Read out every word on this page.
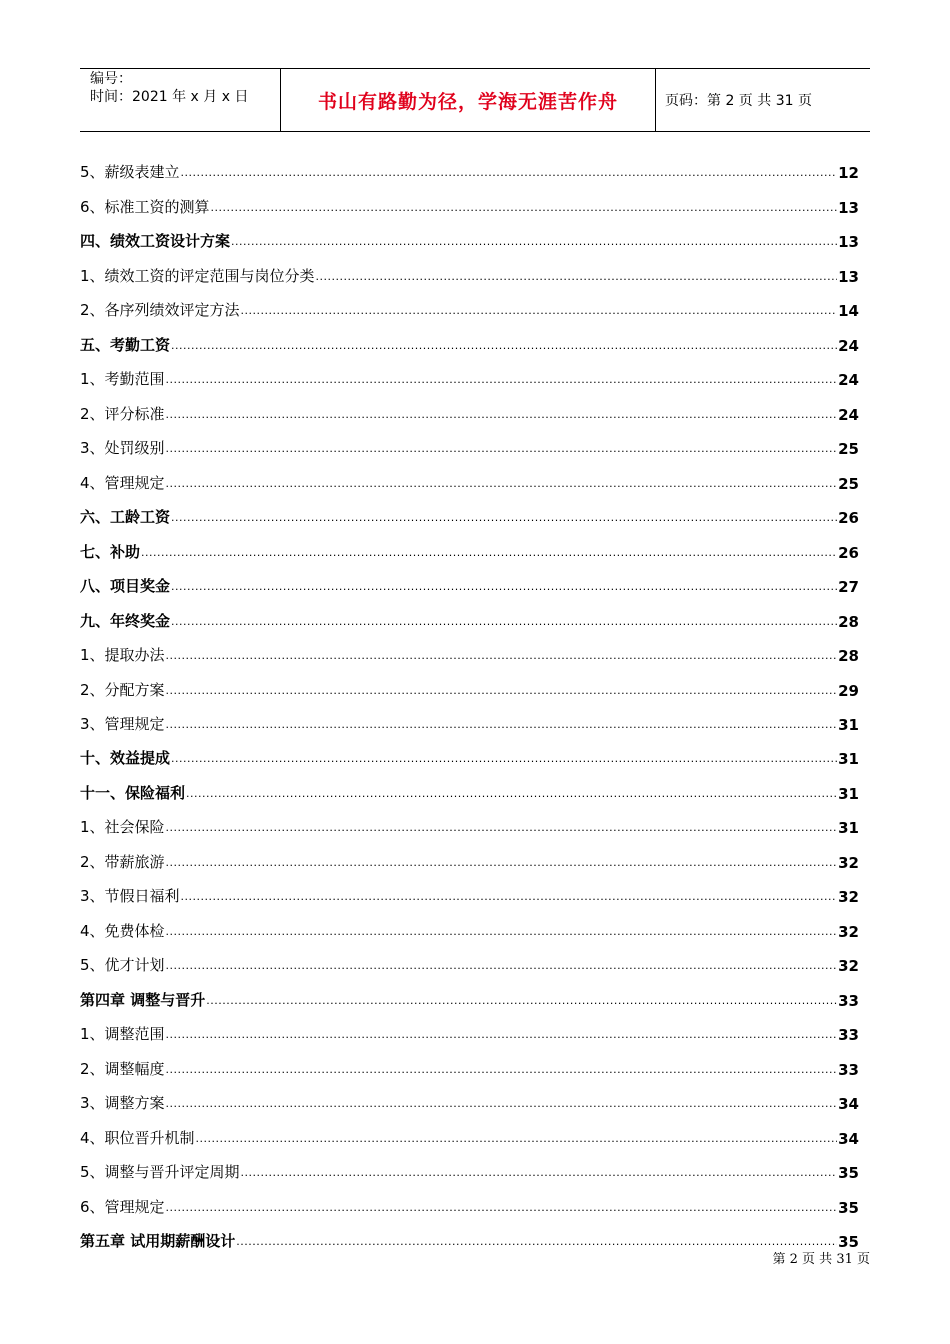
编号：
时间：2021 年 x 月 x 日	书山有路勤为径，学海无涯苦作舟	页码：第 2 页 共 31 页
5、薪级表建立 .....	12
6、标准工资的测算 .....	13
四、绩效工资设计方案 .....	13
1、绩效工资的评定范围与岗位分类 .....	13
2、各序列绩效评定方法 .....	14
五、考勤工资 .....	24
1、考勤范围 .....	24
2、评分标准 .....	24
3、处罚级别 .....	25
4、管理规定 .....	25
六、工龄工资 .....	26
七、补助 .....	26
八、项目奖金 .....	27
九、年终奖金 .....	28
1、提取办法 .....	28
2、分配方案 .....	29
3、管理规定 .....	31
十、效益提成 .....	31
十一、保险福利 .....	31
1、社会保险 .....	31
2、带薪旅游 .....	32
3、节假日福利 .....	32
4、免费体检 .....	32
5、优才计划 .....	32
第四章 调整与晋升 .....	33
1、调整范围 .....	33
2、调整幅度 .....	33
3、调整方案 .....	34
4、职位晋升机制 .....	34
5、调整与晋升评定周期 .....	35
6、管理规定 .....	35
第五章 试用期薪酬设计 .....	35
第 2 页 共 31 页
